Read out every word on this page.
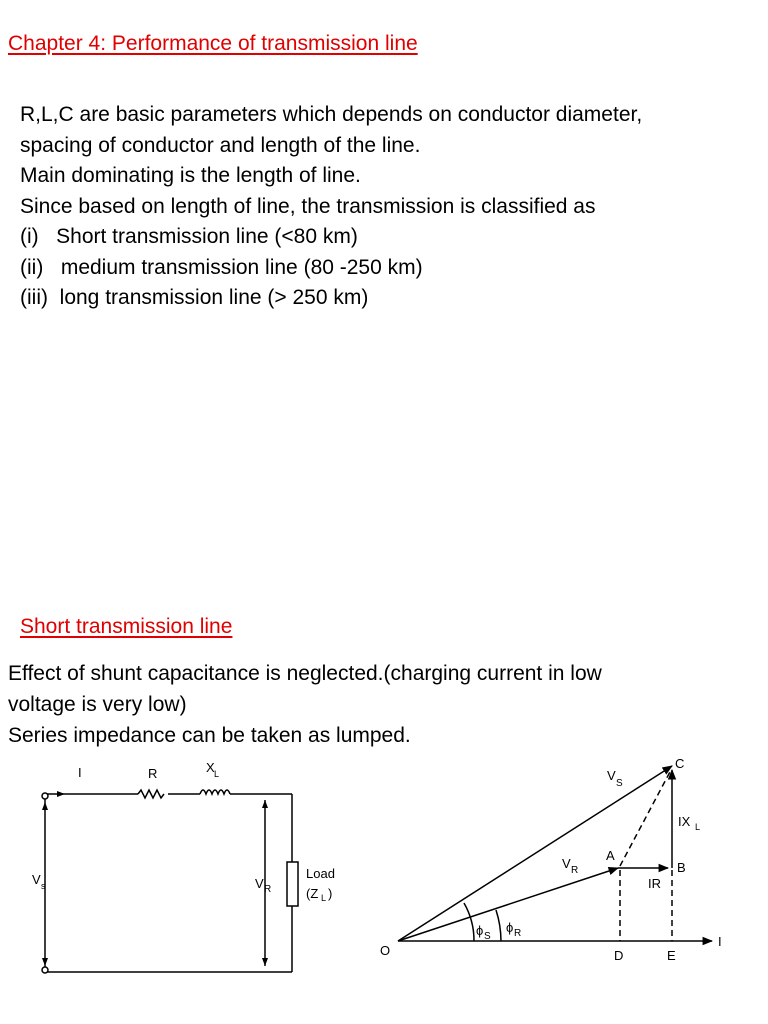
Chapter 4: Performance of transmission line
R,L,C are basic parameters which depends on conductor diameter,
spacing of conductor and length of the line.
Main dominating is the length of line.
Since based on length of line, the transmission is classified as
(i)   Short transmission line (<80 km)
(ii)   medium transmission line (80 -250 km)
(iii)  long transmission line (> 250 km)
Short transmission line
Effect of shunt capacitance is neglected.(charging current in low
voltage is very low)
Series impedance can be taken as lumped.
I	R	X L
V s	V R
Load
(Z L )
O
A
B
C
D	E
V
S
V R
IR
IX L
ϕ S
ϕ R
I
